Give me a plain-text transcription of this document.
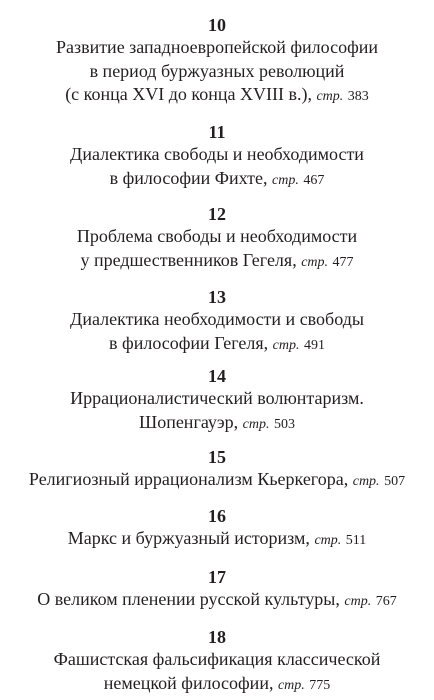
10
Развитие западноевропейской философии
в период буржуазных революций
(с конца XVI до конца XVIII в.), стр. 383
11
Диалектика свободы и необходимости
в философии Фихте, стр. 467
12
Проблема свободы и необходимости
у предшественников Гегеля, стр. 477
13
Диалектика необходимости и свободы
в философии Гегеля, стр. 491
14
Иррационалистический волюнтаризм.
Шопенгауэр, стр. 503
15
Религиозный иррационализм Кьеркегора, стр. 507
16
Маркс и буржуазный историзм, стр. 511
17
О великом пленении русской культуры, стр. 767
18
Фашистская фальсификация классической
немецкой философии, стр. 775
